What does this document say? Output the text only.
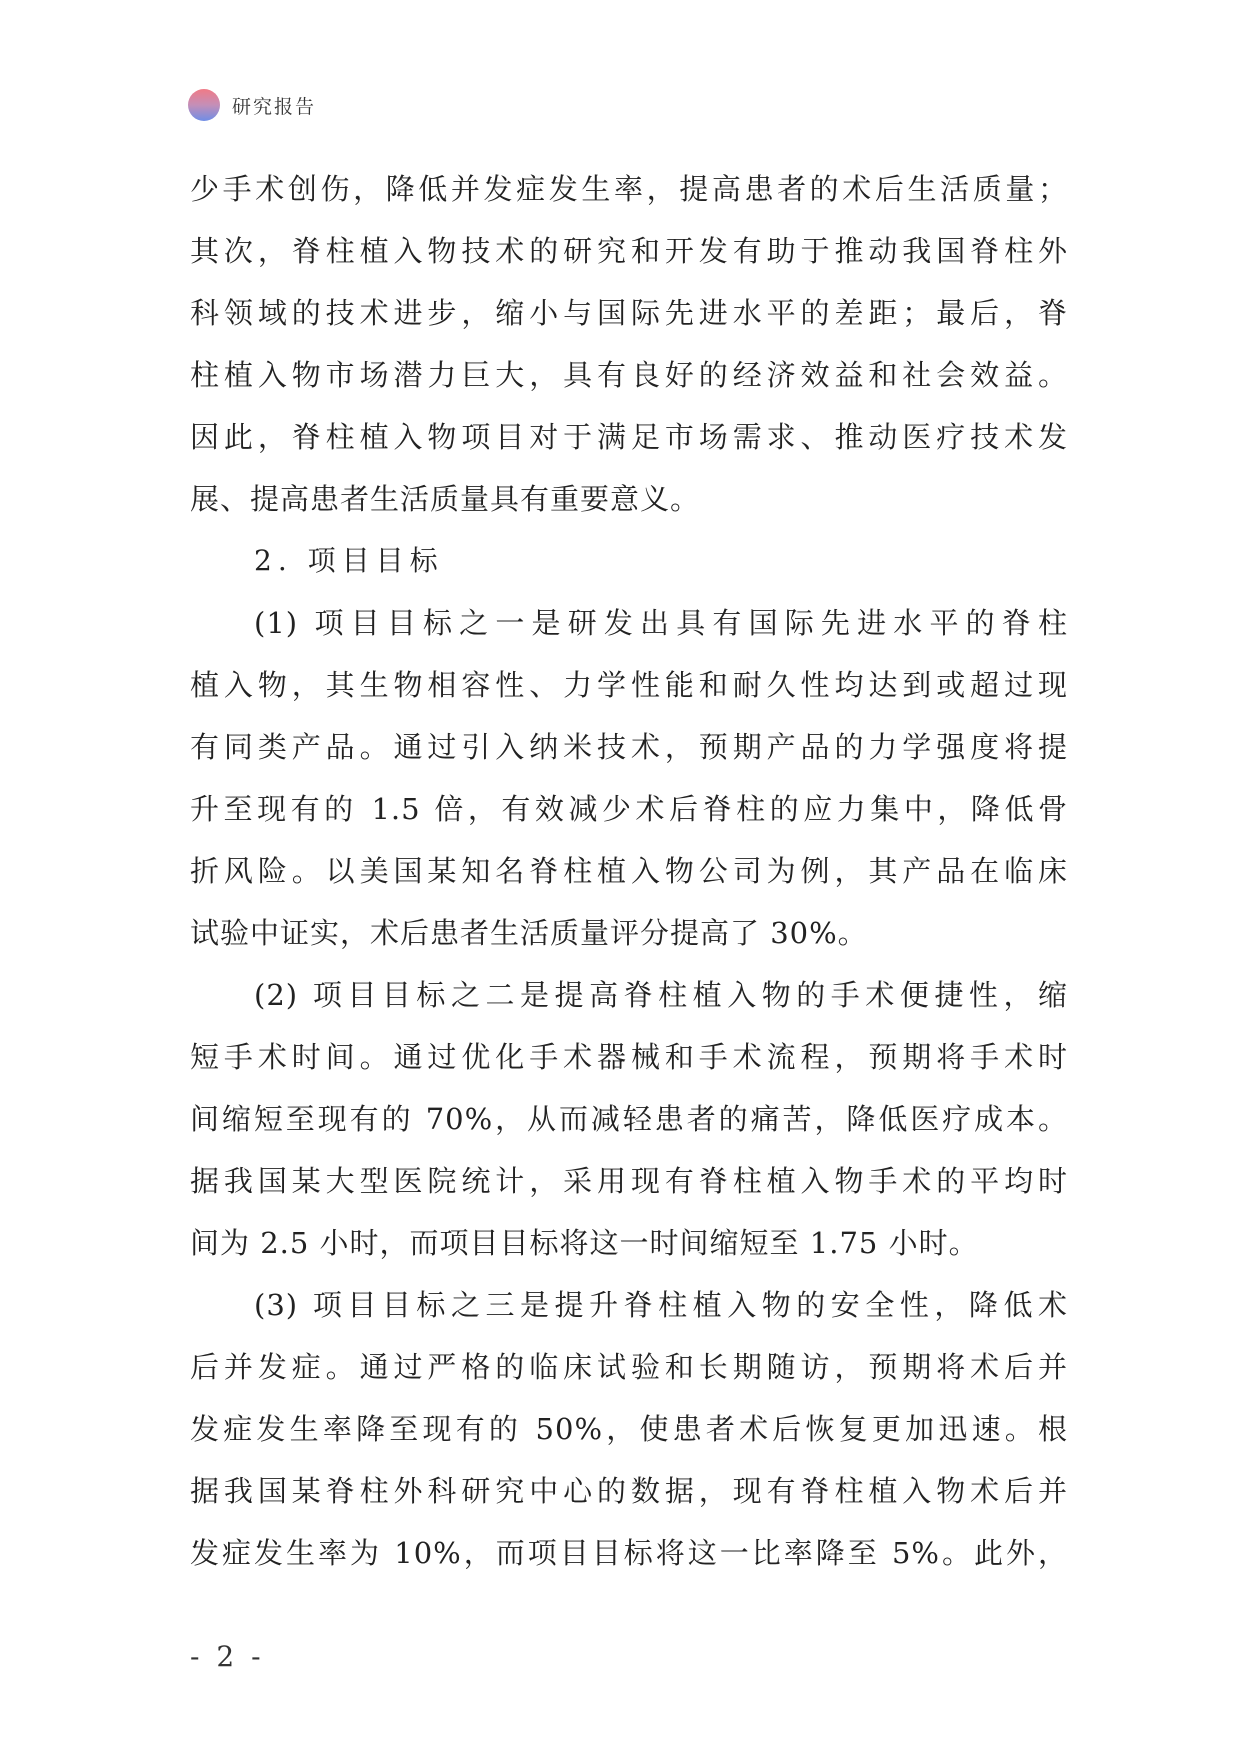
研究报告
少手术创伤，降低并发症发生率，提高患者的术后生活质量；
其次，脊柱植入物技术的研究和开发有助于推动我国脊柱外
科领域的技术进步，缩小与国际先进水平的差距；最后，脊
柱植入物市场潜力巨大，具有良好的经济效益和社会效益。
因此，脊柱植入物项目对于满足市场需求、推动医疗技术发
展、提高患者生活质量具有重要意义。
2. 项目目标
(1) 项目目标之一是研发出具有国际先进水平的脊柱
植入物，其生物相容性、力学性能和耐久性均达到或超过现
有同类产品。通过引入纳米技术，预期产品的力学强度将提
升至现有的 1.5 倍，有效减少术后脊柱的应力集中，降低骨
折风险。以美国某知名脊柱植入物公司为例，其产品在临床
试验中证实，术后患者生活质量评分提高了 30%。
(2) 项目目标之二是提高脊柱植入物的手术便捷性，缩
短手术时间。通过优化手术器械和手术流程，预期将手术时
间缩短至现有的 70%，从而减轻患者的痛苦，降低医疗成本。
据我国某大型医院统计，采用现有脊柱植入物手术的平均时
间为 2.5 小时，而项目目标将这一时间缩短至 1.75 小时。
(3) 项目目标之三是提升脊柱植入物的安全性，降低术
后并发症。通过严格的临床试验和长期随访，预期将术后并
发症发生率降至现有的 50%，使患者术后恢复更加迅速。根
据我国某脊柱外科研究中心的数据，现有脊柱植入物术后并
发症发生率为 10%，而项目目标将这一比率降至 5%。此外，
- 2 -
